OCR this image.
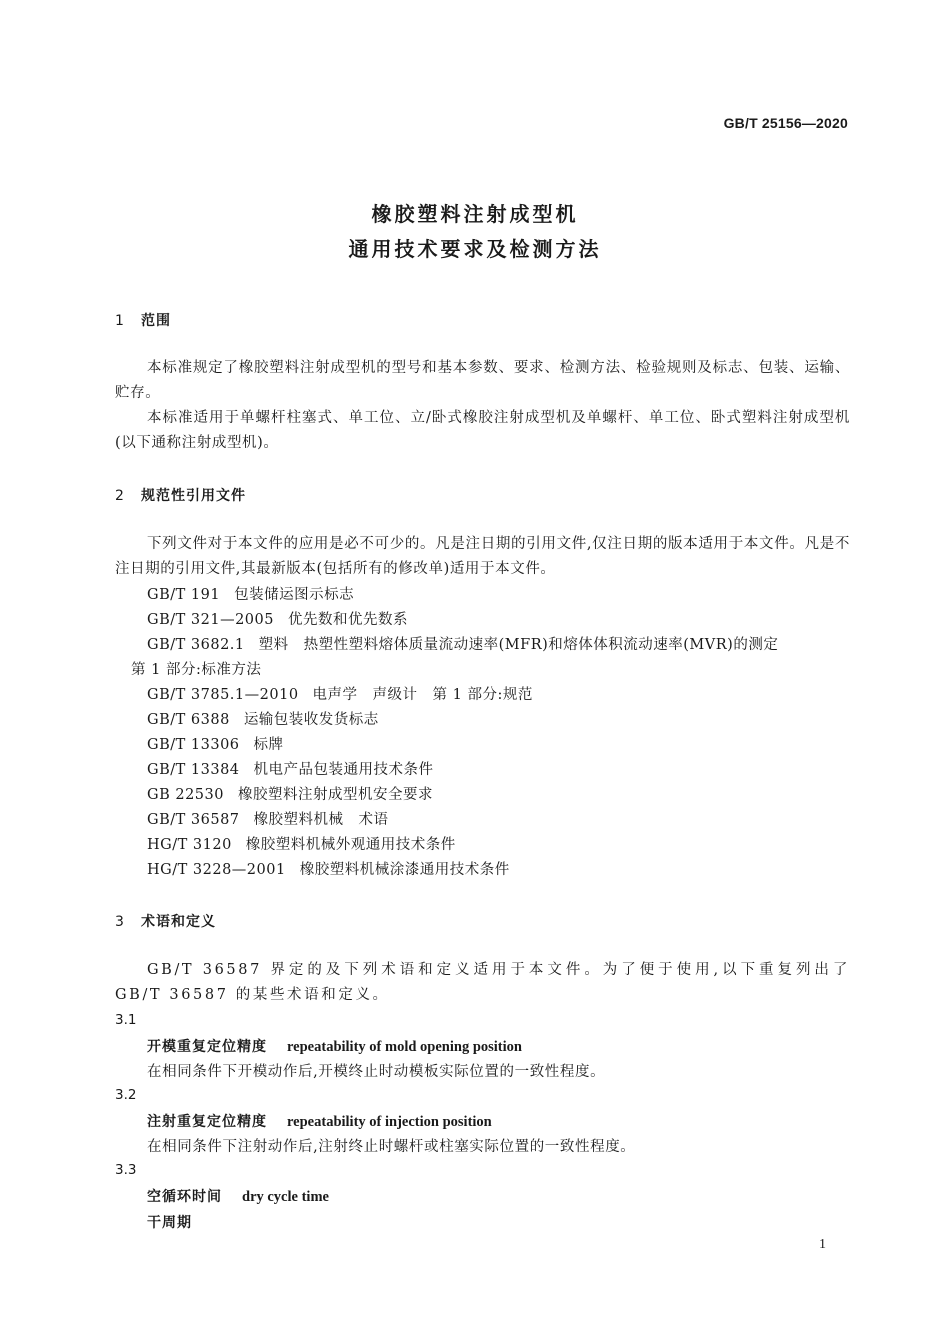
GB/T 25156—2020
橡胶塑料注射成型机
通用技术要求及检测方法
1 范围
本标准规定了橡胶塑料注射成型机的型号和基本参数、要求、检测方法、检验规则及标志、包装、运输、贮存。
本标准适用于单螺杆柱塞式、单工位、立/卧式橡胶注射成型机及单螺杆、单工位、卧式塑料注射成型机(以下通称注射成型机)。
2 规范性引用文件
下列文件对于本文件的应用是必不可少的。凡是注日期的引用文件,仅注日期的版本适用于本文件。凡是不注日期的引用文件,其最新版本(包括所有的修改单)适用于本文件。
GB/T 191 包装储运图示标志
GB/T 321—2005 优先数和优先数系
GB/T 3682.1 塑料　热塑性塑料熔体质量流动速率(MFR)和熔体体积流动速率(MVR)的测定
第 1 部分:标准方法
GB/T 3785.1—2010 电声学　声级计　第 1 部分:规范
GB/T 6388 运输包装收发货标志
GB/T 13306 标牌
GB/T 13384 机电产品包装通用技术条件
GB 22530 橡胶塑料注射成型机安全要求
GB/T 36587 橡胶塑料机械　术语
HG/T 3120 橡胶塑料机械外观通用技术条件
HG/T 3228—2001 橡胶塑料机械涂漆通用技术条件
3 术语和定义
GB/T 36587 界定的及下列术语和定义适用于本文件。为了便于使用,以下重复列出了 GB/T 36587 的某些术语和定义。
3.1
开模重复定位精度 repeatability of mold opening position
在相同条件下开模动作后,开模终止时动模板实际位置的一致性程度。
3.2
注射重复定位精度 repeatability of injection position
在相同条件下注射动作后,注射终止时螺杆或柱塞实际位置的一致性程度。
3.3
空循环时间 dry cycle time
干周期
1
